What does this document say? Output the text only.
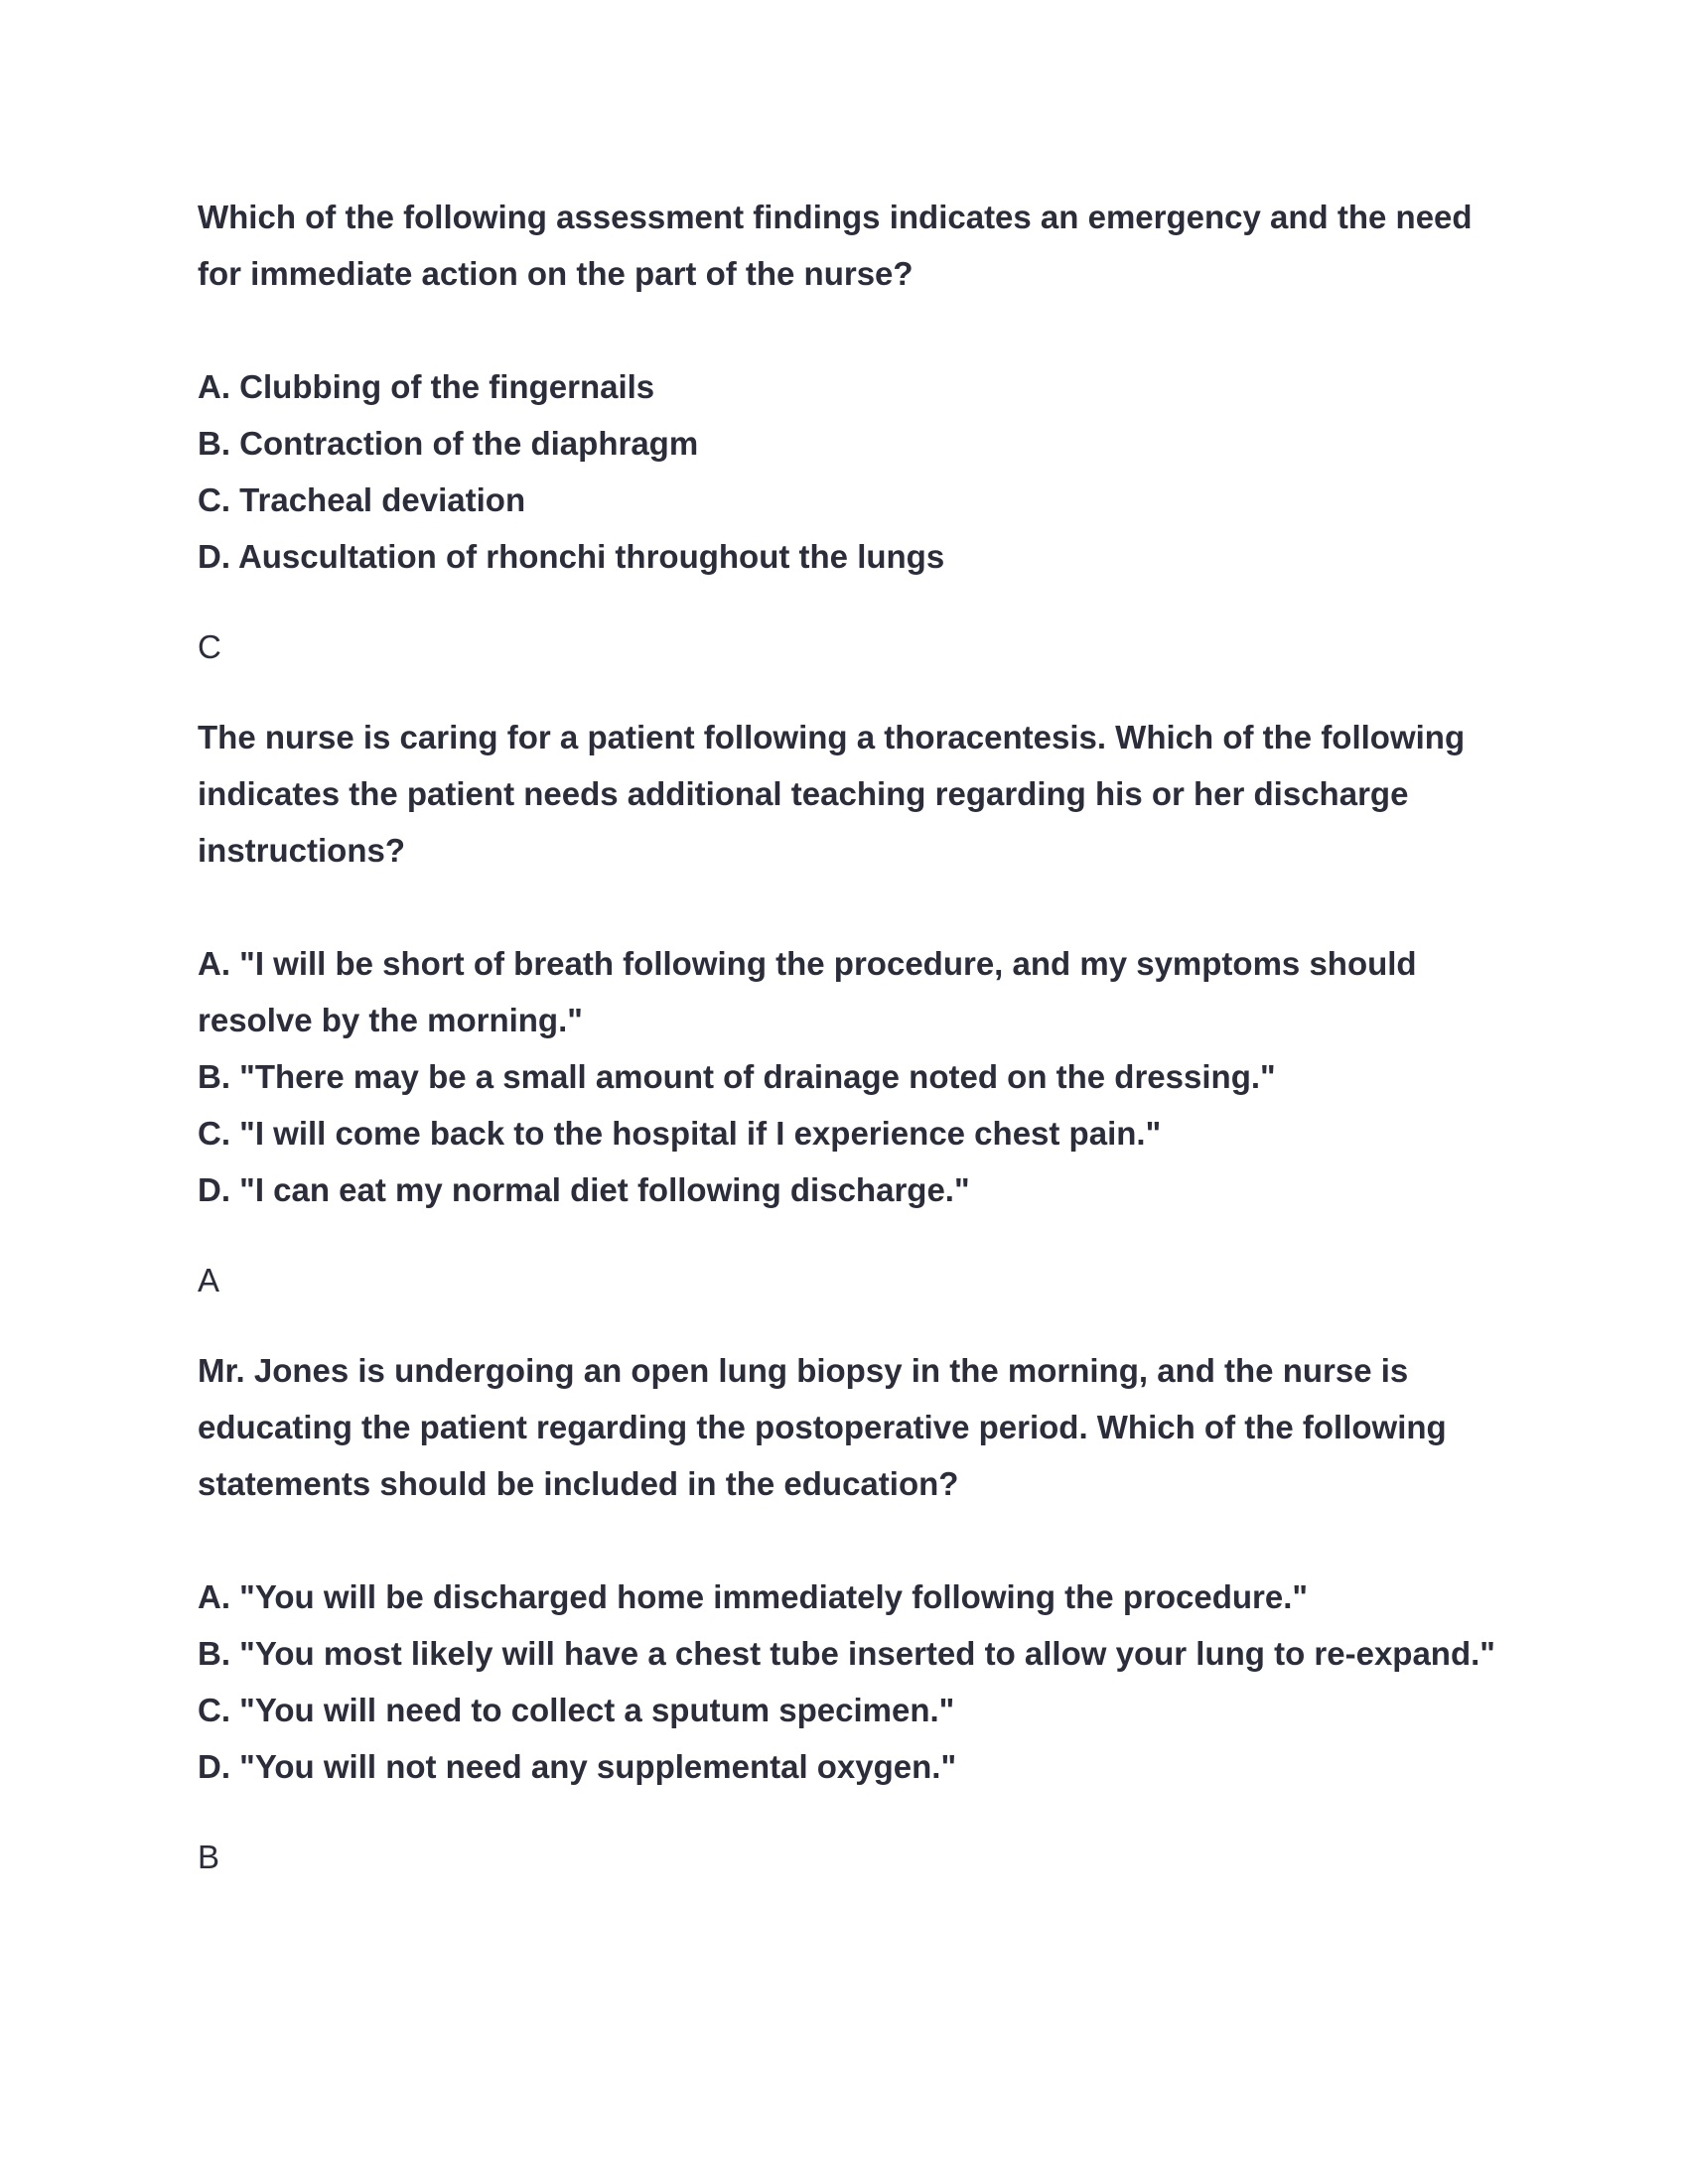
Which of the following assessment findings indicates an emergency and the need for immediate action on the part of the nurse?

A. Clubbing of the fingernails
B. Contraction of the diaphragm
C. Tracheal deviation
D. Auscultation of rhonchi throughout the lungs

C

The nurse is caring for a patient following a thoracentesis. Which of the following indicates the patient needs additional teaching regarding his or her discharge instructions?

A. "I will be short of breath following the procedure, and my symptoms should resolve by the morning."
B. "There may be a small amount of drainage noted on the dressing."
C. "I will come back to the hospital if I experience chest pain."
D. "I can eat my normal diet following discharge."

A

Mr. Jones is undergoing an open lung biopsy in the morning, and the nurse is educating the patient regarding the postoperative period. Which of the following statements should be included in the education?

A. "You will be discharged home immediately following the procedure."
B. "You most likely will have a chest tube inserted to allow your lung to re-expand."
C. "You will need to collect a sputum specimen."
D. "You will not need any supplemental oxygen."

B
